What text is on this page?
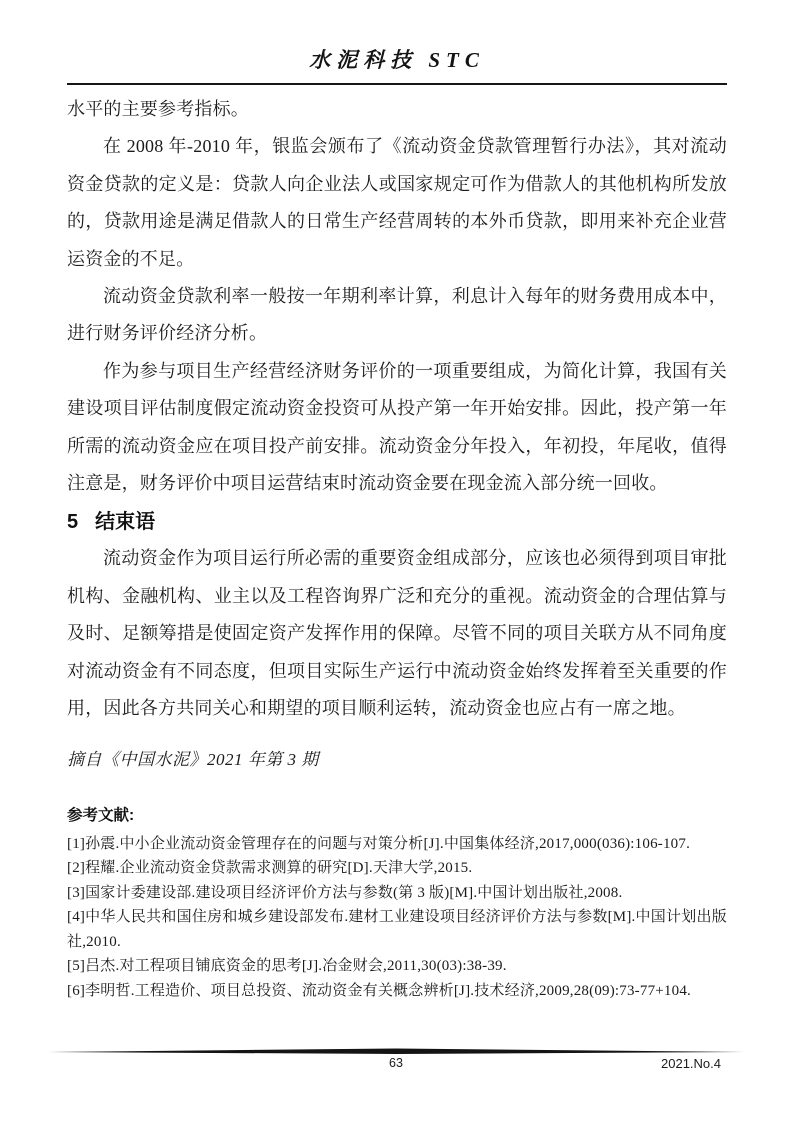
水泥科技 STC

水平的主要参考指标。

在 2008 年-2010 年，银监会颁布了《流动资金贷款管理暂行办法》，其对流动资金贷款的定义是：贷款人向企业法人或国家规定可作为借款人的其他机构所发放的，贷款用途是满足借款人的日常生产经营周转的本外币贷款，即用来补充企业营运资金的不足。

流动资金贷款利率一般按一年期利率计算，利息计入每年的财务费用成本中，进行财务评价经济分析。

作为参与项目生产经营经济财务评价的一项重要组成，为简化计算，我国有关建设项目评估制度假定流动资金投资可从投产第一年开始安排。因此，投产第一年所需的流动资金应在项目投产前安排。流动资金分年投入，年初投，年尾收，值得注意是，财务评价中项目运营结束时流动资金要在现金流入部分统一回收。

5 结束语

流动资金作为项目运行所必需的重要资金组成部分，应该也必须得到项目审批机构、金融机构、业主以及工程咨询界广泛和充分的重视。流动资金的合理估算与及时、足额筹措是使固定资产发挥作用的保障。尽管不同的项目关联方从不同角度对流动资金有不同态度，但项目实际生产运行中流动资金始终发挥着至关重要的作用，因此各方共同关心和期望的项目顺利运转，流动资金也应占有一席之地。

摘自《中国水泥》2021 年第 3 期

参考文献:

[1]孙震.中小企业流动资金管理存在的问题与对策分析[J].中国集体经济,2017,000(036):106-107.

[2]程耀.企业流动资金贷款需求测算的研究[D].天津大学,2015.

[3]国家计委建设部.建设项目经济评价方法与参数(第 3 版)[M].中国计划出版社,2008.

[4]中华人民共和国住房和城乡建设部发布.建材工业建设项目经济评价方法与参数[M].中国计划出版社,2010.

[5]吕杰.对工程项目铺底资金的思考[J].冶金财会,2011,30(03):38-39.

[6]李明哲.工程造价、项目总投资、流动资金有关概念辨析[J].技术经济,2009,28(09):73-77+104.

63	2021.No.4
